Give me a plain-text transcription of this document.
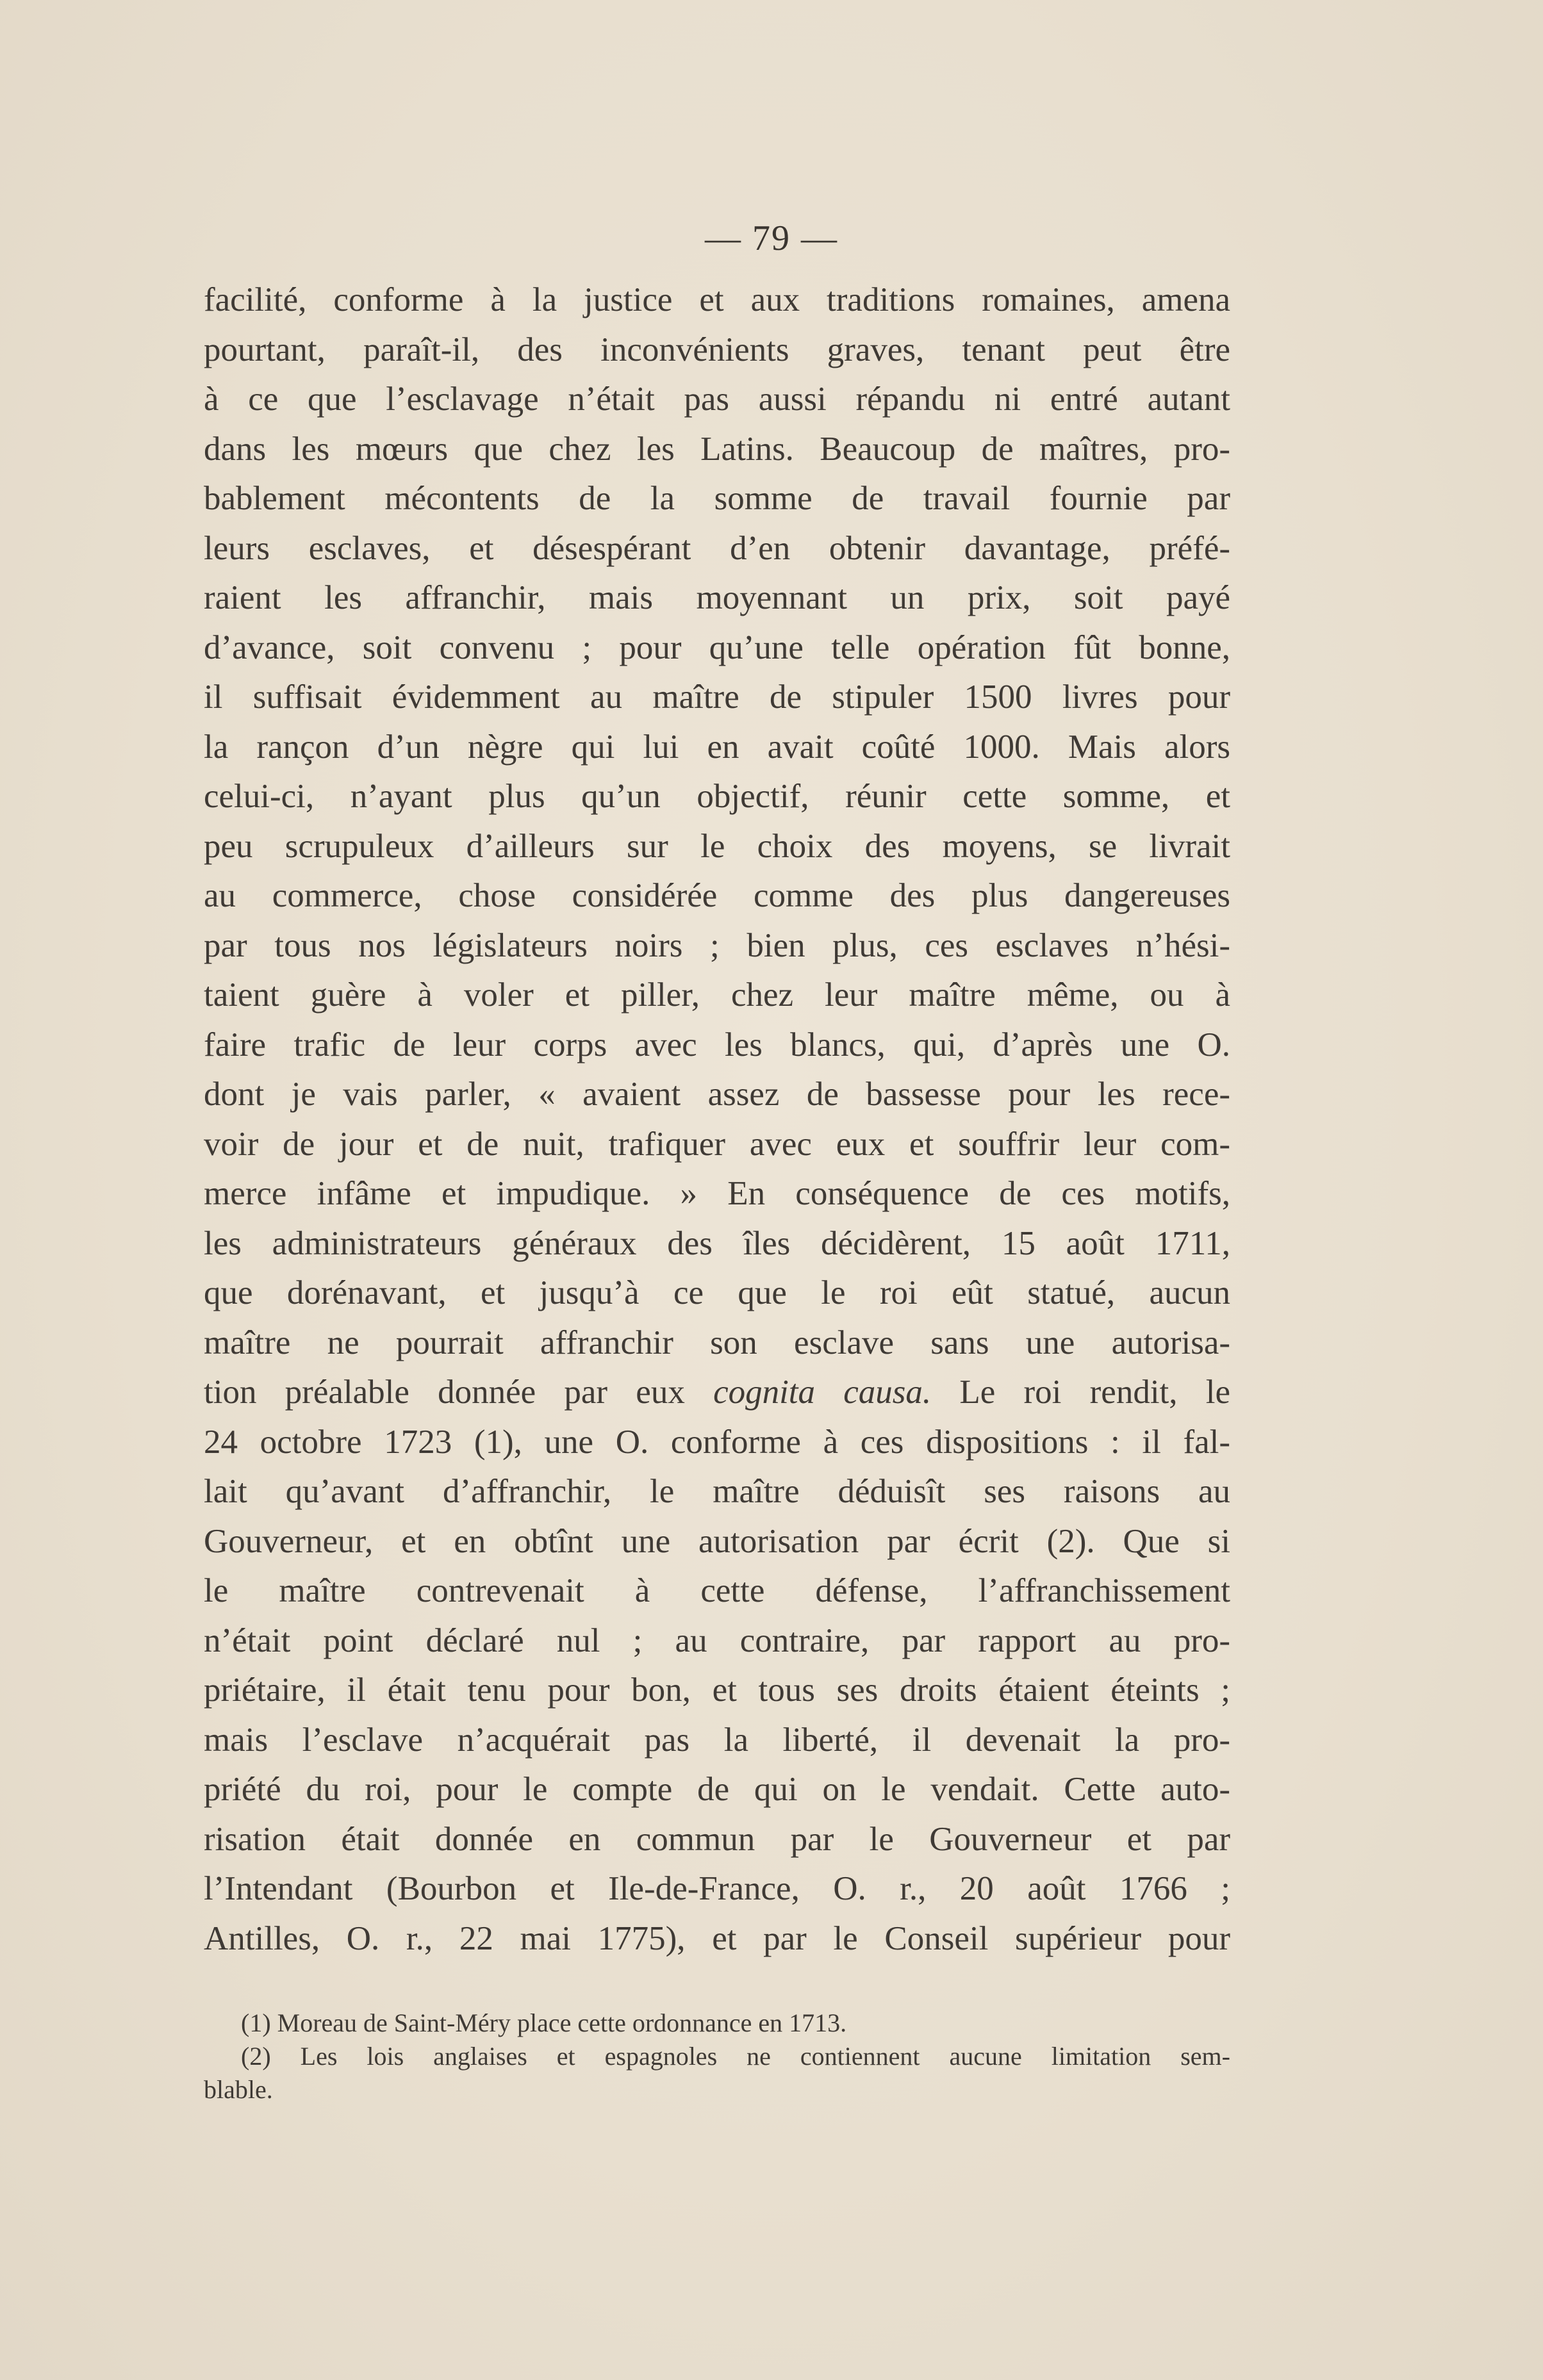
— 79 —
facilité, conforme à la justice et aux traditions romaines, amena
pourtant, paraît-il, des inconvénients graves, tenant peut être
à ce que l’esclavage n’était pas aussi répandu ni entré autant
dans les mœurs que chez les Latins. Beaucoup de maîtres, pro-
bablement mécontents de la somme de travail fournie par
leurs esclaves, et désespérant d’en obtenir davantage, préfé-
raient les affranchir, mais moyennant un prix, soit payé
d’avance, soit convenu ; pour qu’une telle opération fût bonne,
il suffisait évidemment au maître de stipuler 1500 livres pour
la rançon d’un nègre qui lui en avait coûté 1000. Mais alors
celui-ci, n’ayant plus qu’un objectif, réunir cette somme, et
peu scrupuleux d’ailleurs sur le choix des moyens, se livrait
au commerce, chose considérée comme des plus dangereuses
par tous nos législateurs noirs ; bien plus, ces esclaves n’hési-
taient guère à voler et piller, chez leur maître même, ou à
faire trafic de leur corps avec les blancs, qui, d’après une O.
dont je vais parler, « avaient assez de bassesse pour les rece-
voir de jour et de nuit, trafiquer avec eux et souffrir leur com-
merce infâme et impudique. » En conséquence de ces motifs,
les administrateurs généraux des îles décidèrent, 15 août 1711,
que dorénavant, et jusqu’à ce que le roi eût statué, aucun
maître ne pourrait affranchir son esclave sans une autorisa-
tion préalable donnée par eux cognita causa. Le roi rendit, le
24 octobre 1723 (1), une O. conforme à ces dispositions : il fal-
lait qu’avant d’affranchir, le maître déduisît ses raisons au
Gouverneur, et en obtînt une autorisation par écrit (2). Que si
le maître contrevenait à cette défense, l’affranchissement
n’était point déclaré nul ; au contraire, par rapport au pro-
priétaire, il était tenu pour bon, et tous ses droits étaient éteints ;
mais l’esclave n’acquérait pas la liberté, il devenait la pro-
priété du roi, pour le compte de qui on le vendait. Cette auto-
risation était donnée en commun par le Gouverneur et par
l’Intendant (Bourbon et Ile-de-France, O. r., 20 août 1766 ;
Antilles, O. r., 22 mai 1775), et par le Conseil supérieur pour
(1) Moreau de Saint-Méry place cette ordonnance en 1713.
(2) Les lois anglaises et espagnoles ne contiennent aucune limitation sem-
blable.
